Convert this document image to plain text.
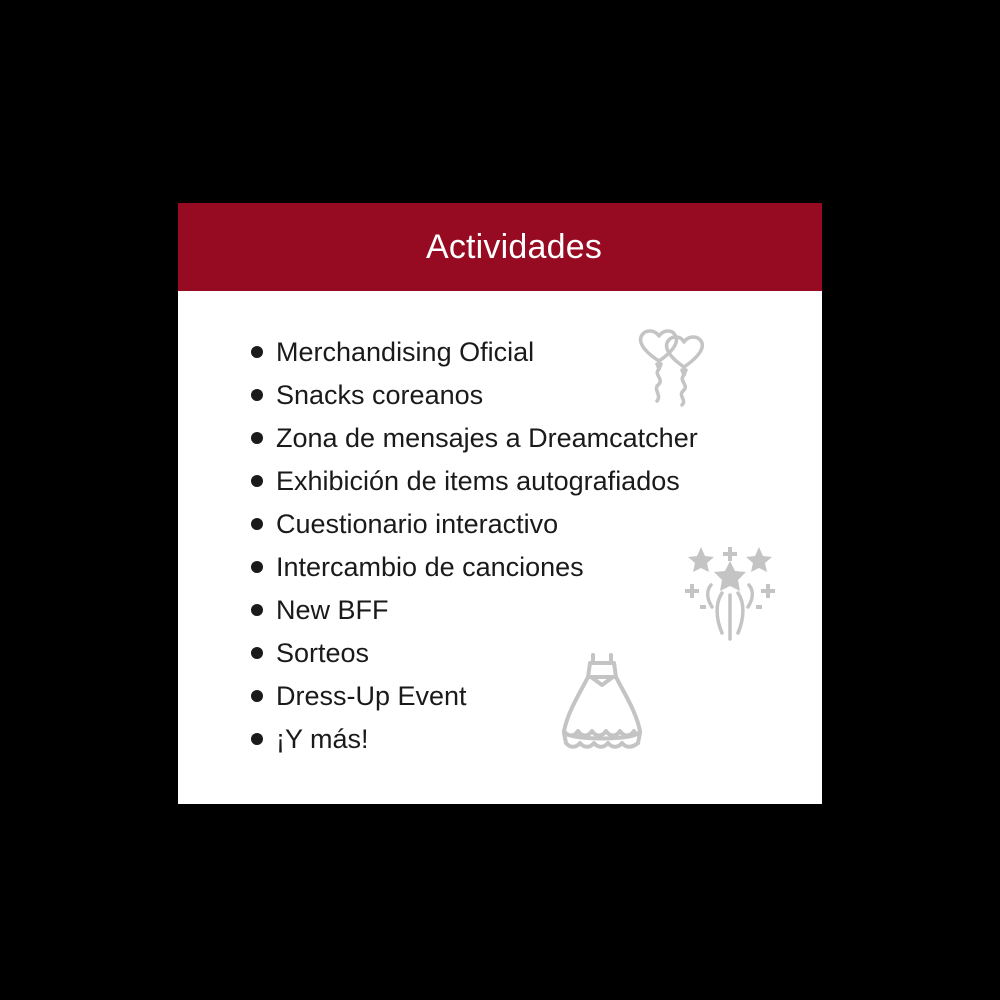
Actividades
Merchandising Oficial
Snacks coreanos
Zona de mensajes a Dreamcatcher
Exhibición de items autografiados
Cuestionario interactivo
Intercambio de canciones
New BFF
Sorteos
Dress-Up Event
¡Y más!
